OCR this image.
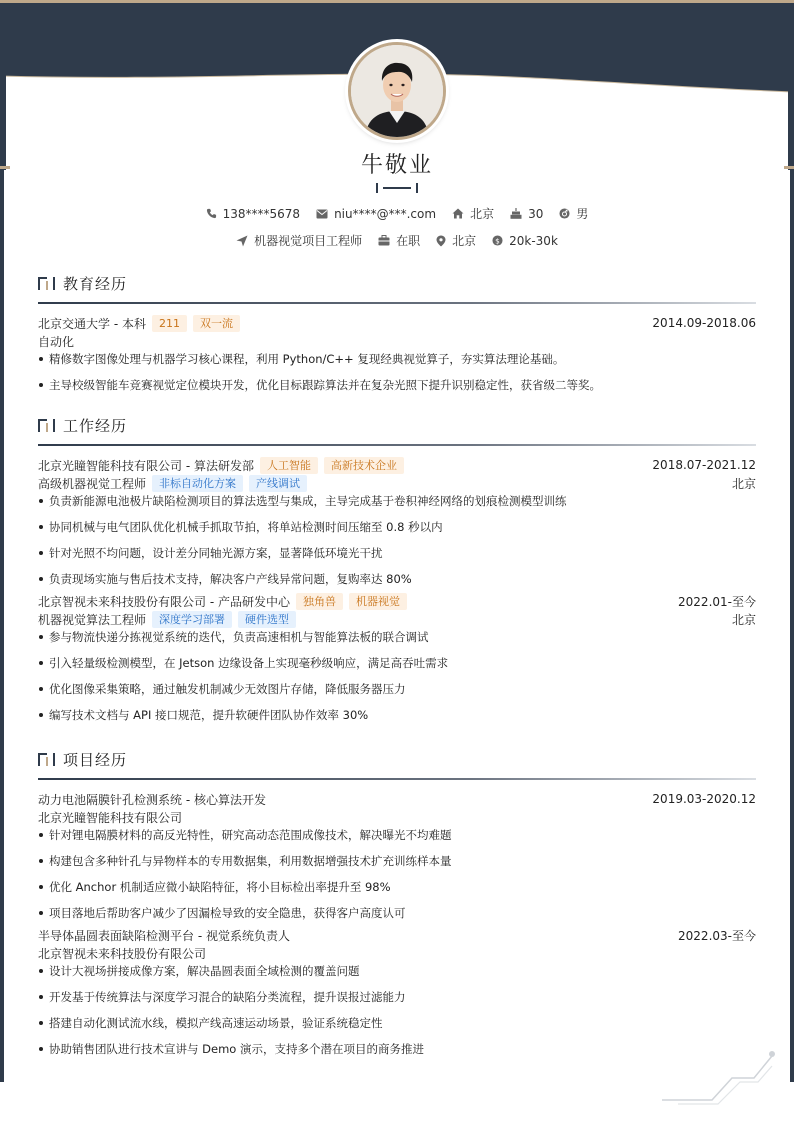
牛敬业
138****5678	niu****@***.com	北京	30	男
机器视觉项目工程师	在职	北京 $ 20k-30k
教育经历
北京交通大学 - 本科	211	双一流	2014.09-2018.06
自动化
精修数字图像处理与机器学习核心课程，利用 Python/C++ 复现经典视觉算子，夯实算法理论基础。
主导校级智能车竞赛视觉定位模块开发，优化目标跟踪算法并在复杂光照下提升识别稳定性，获省级二等奖。
工作经历
北京光瞳智能科技有限公司 - 算法研发部	人工智能	高新技术企业	2018.07-2021.12
高级机器视觉工程师	非标自动化方案	产线调试	北京
负责新能源电池极片缺陷检测项目的算法选型与集成，主导完成基于卷积神经网络的划痕检测模型训练
协同机械与电气团队优化机械手抓取节拍，将单站检测时间压缩至 0.8 秒以内
针对光照不均问题，设计差分同轴光源方案，显著降低环境光干扰
负责现场实施与售后技术支持，解决客户产线异常问题，复购率达 80%
北京智视未来科技股份有限公司 - 产品研发中心	独角兽	机器视觉	2022.01-至今
机器视觉算法工程师	深度学习部署	硬件选型	北京
参与物流快递分拣视觉系统的迭代，负责高速相机与智能算法板的联合调试
引入轻量级检测模型，在 Jetson 边缘设备上实现毫秒级响应，满足高吞吐需求
优化图像采集策略，通过触发机制减少无效图片存储，降低服务器压力
编写技术文档与 API 接口规范，提升软硬件团队协作效率 30%
项目经历
动力电池隔膜针孔检测系统 - 核心算法开发	2019.03-2020.12
北京光瞳智能科技有限公司
针对锂电隔膜材料的高反光特性，研究高动态范围成像技术，解决曝光不均难题
构建包含多种针孔与异物样本的专用数据集，利用数据增强技术扩充训练样本量
优化 Anchor 机制适应微小缺陷特征，将小目标检出率提升至 98%
项目落地后帮助客户减少了因漏检导致的安全隐患，获得客户高度认可
半导体晶圆表面缺陷检测平台 - 视觉系统负责人	2022.03-至今
北京智视未来科技股份有限公司
设计大视场拼接成像方案，解决晶圆表面全域检测的覆盖问题
开发基于传统算法与深度学习混合的缺陷分类流程，提升误报过滤能力
搭建自动化测试流水线，模拟产线高速运动场景，验证系统稳定性
协助销售团队进行技术宣讲与 Demo 演示，支持多个潜在项目的商务推进
